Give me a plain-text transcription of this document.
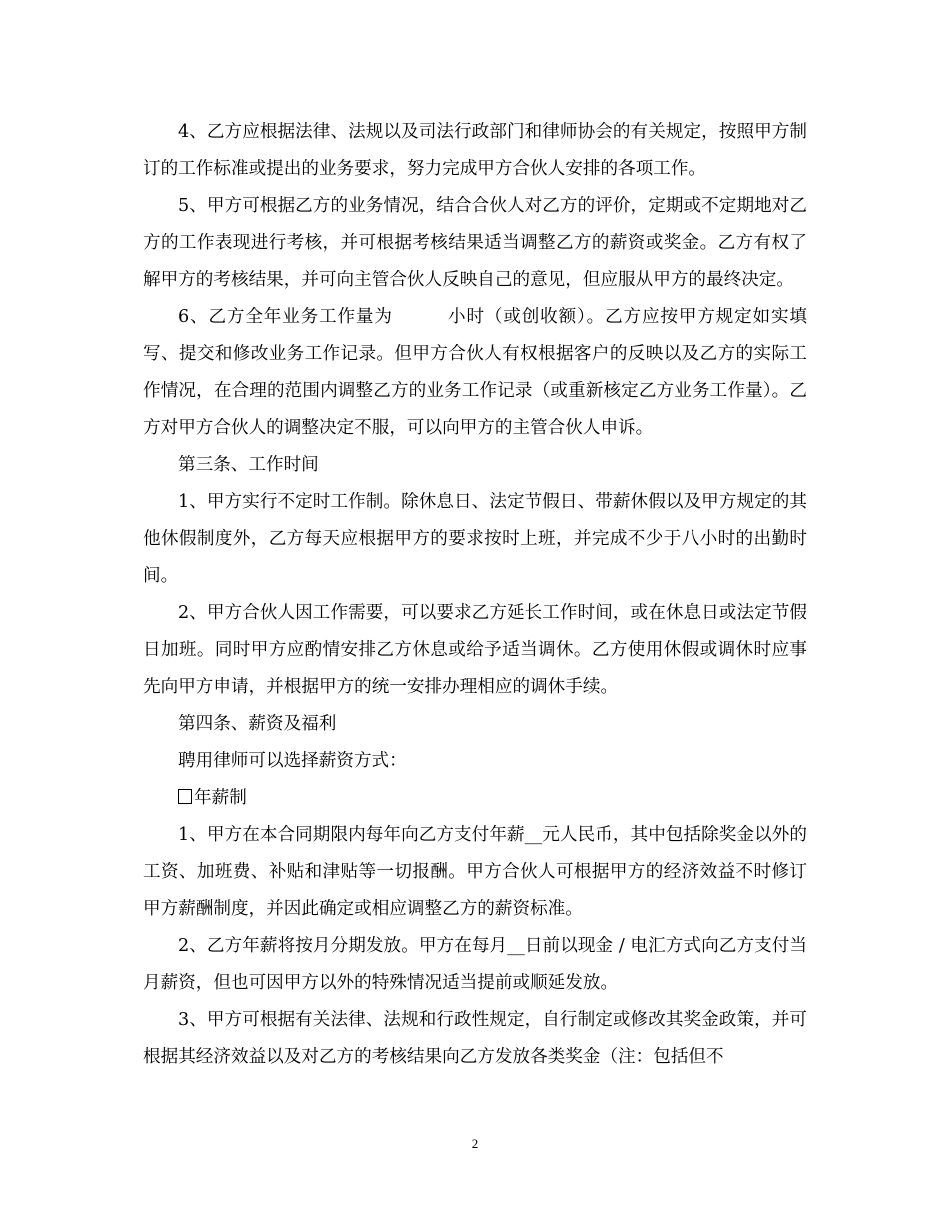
4、乙方应根据法律、法规以及司法行政部门和律师协会的有关规定，按照甲方制订的工作标准或提出的业务要求，努力完成甲方合伙人安排的各项工作。

5、甲方可根据乙方的业务情况，结合合伙人对乙方的评价，定期或不定期地对乙方的工作表现进行考核，并可根据考核结果适当调整乙方的薪资或奖金。乙方有权了解甲方的考核结果，并可向主管合伙人反映自己的意见，但应服从甲方的最终决定。

6、乙方全年业务工作量为　　　小时（或创收额）。乙方应按甲方规定如实填写、提交和修改业务工作记录。但甲方合伙人有权根据客户的反映以及乙方的实际工作情况，在合理的范围内调整乙方的业务工作记录（或重新核定乙方业务工作量）。乙方对甲方合伙人的调整决定不服，可以向甲方的主管合伙人申诉。

第三条、工作时间

1、甲方实行不定时工作制。除休息日、法定节假日、带薪休假以及甲方规定的其他休假制度外，乙方每天应根据甲方的要求按时上班，并完成不少于八小时的出勤时间。

2、甲方合伙人因工作需要，可以要求乙方延长工作时间，或在休息日或法定节假日加班。同时甲方应酌情安排乙方休息或给予适当调休。乙方使用休假或调休时应事先向甲方申请，并根据甲方的统一安排办理相应的调休手续。

第四条、薪资及福利

聘用律师可以选择薪资方式：

年薪制

1、甲方在本合同期限内每年向乙方支付年薪__元人民币，其中包括除奖金以外的工资、加班费、补贴和津贴等一切报酬。甲方合伙人可根据甲方的经济效益不时修订甲方薪酬制度，并因此确定或相应调整乙方的薪资标准。

2、乙方年薪将按月分期发放。甲方在每月__日前以现金 / 电汇方式向乙方支付当月薪资，但也可因甲方以外的特殊情况适当提前或顺延发放。

3、甲方可根据有关法律、法规和行政性规定，自行制定或修改其奖金政策，并可根据其经济效益以及对乙方的考核结果向乙方发放各类奖金（注：包括但不

2
